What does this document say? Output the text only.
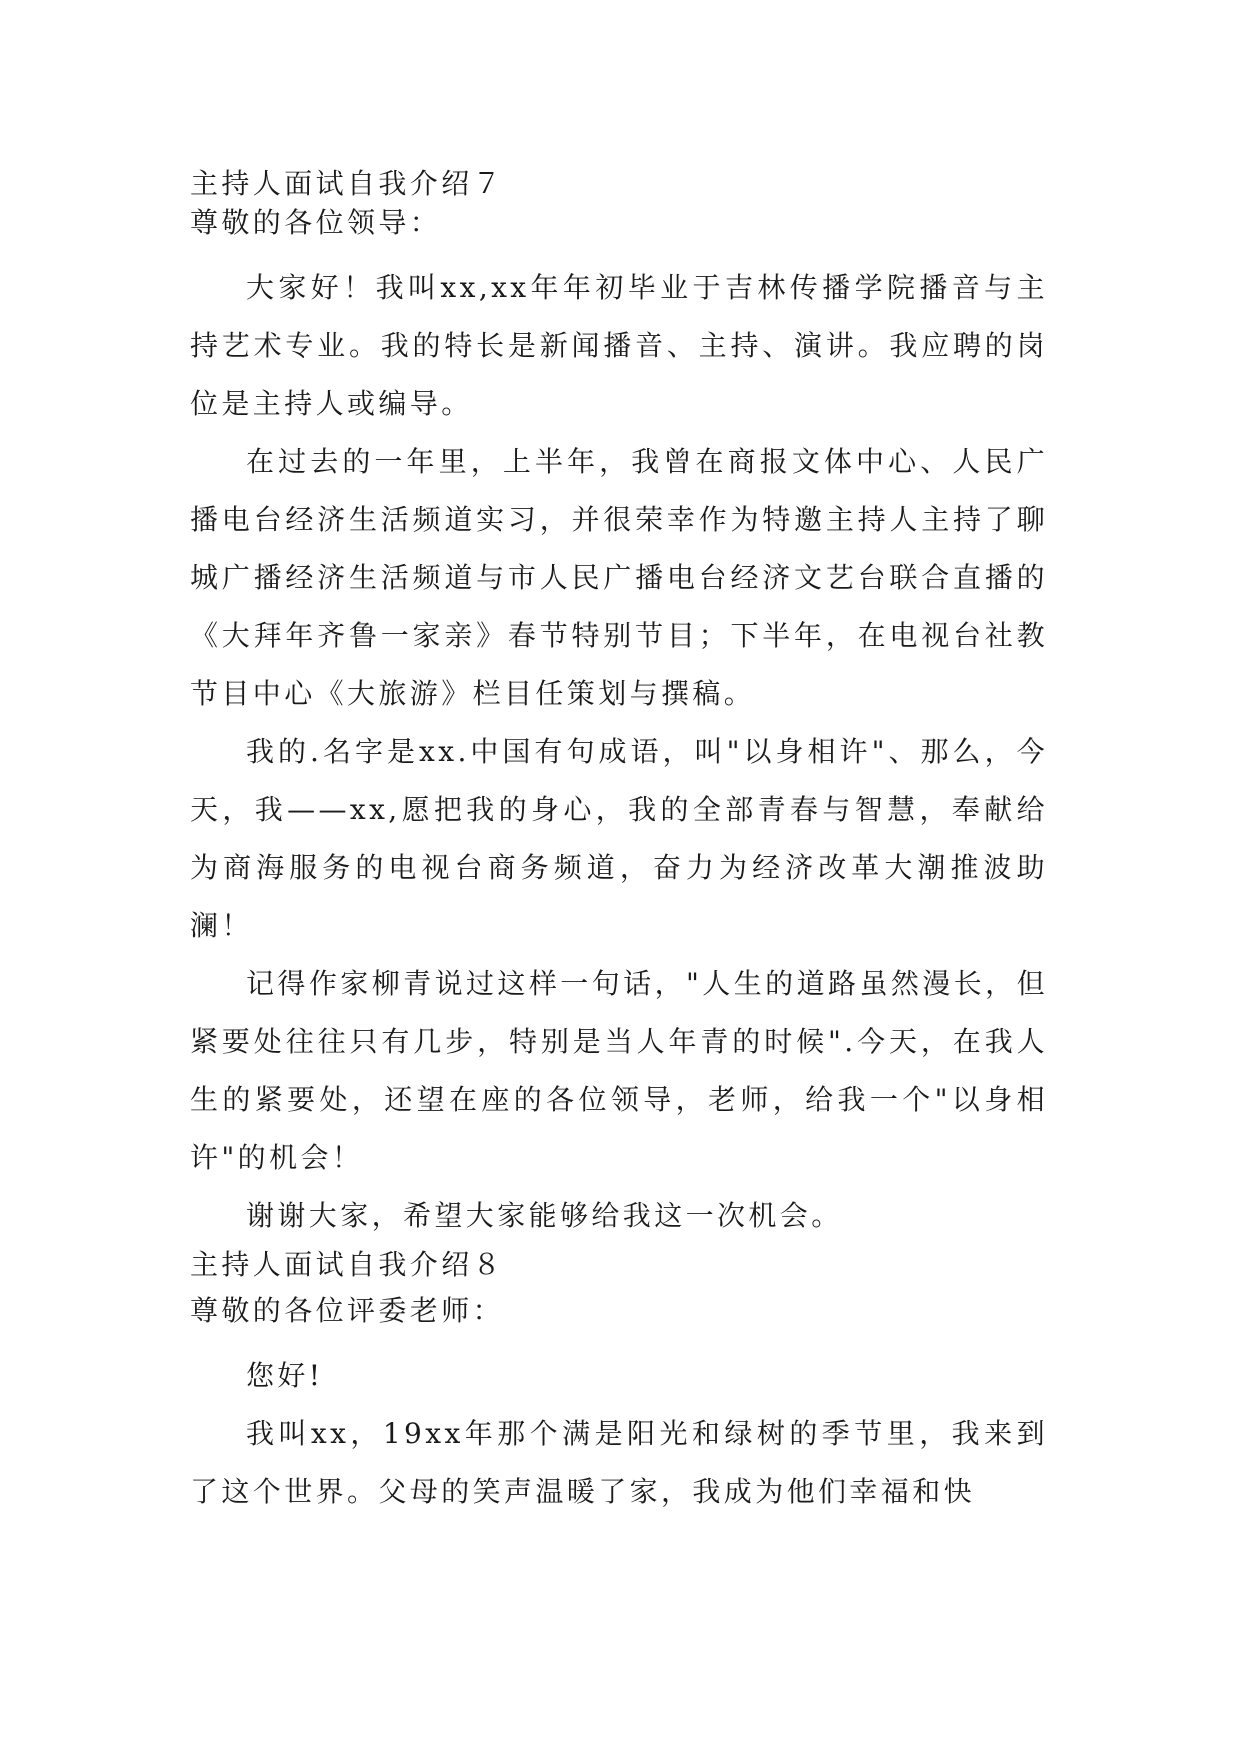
主持人面试自我介绍７

尊敬的各位领导：

大家好！我叫xx,xx年年初毕业于吉林传播学院播音与主持艺术专业。我的特长是新闻播音、主持、演讲。我应聘的岗位是主持人或编导。

在过去的一年里，上半年，我曾在商报文体中心、人民广播电台经济生活频道实习，并很荣幸作为特邀主持人主持了聊城广播经济生活频道与市人民广播电台经济文艺台联合直播的《大拜年齐鲁一家亲》春节特别节目；下半年，在电视台社教节目中心《大旅游》栏目任策划与撰稿。

我的.名字是xx.中国有句成语，叫"以身相许"、那么，今天，我——xx,愿把我的身心，我的全部青春与智慧，奉献给为商海服务的电视台商务频道，奋力为经济改革大潮推波助澜！

记得作家柳青说过这样一句话，"人生的道路虽然漫长，但紧要处往往只有几步，特别是当人年青的时候".今天，在我人生的紧要处，还望在座的各位领导，老师，给我一个"以身相许"的机会！

谢谢大家，希望大家能够给我这一次机会。

主持人面试自我介绍８

尊敬的各位评委老师：

您好!

我叫xx，19xx年那个满是阳光和绿树的季节里，我来到了这个世界。父母的笑声温暖了家，我成为他们幸福和快
